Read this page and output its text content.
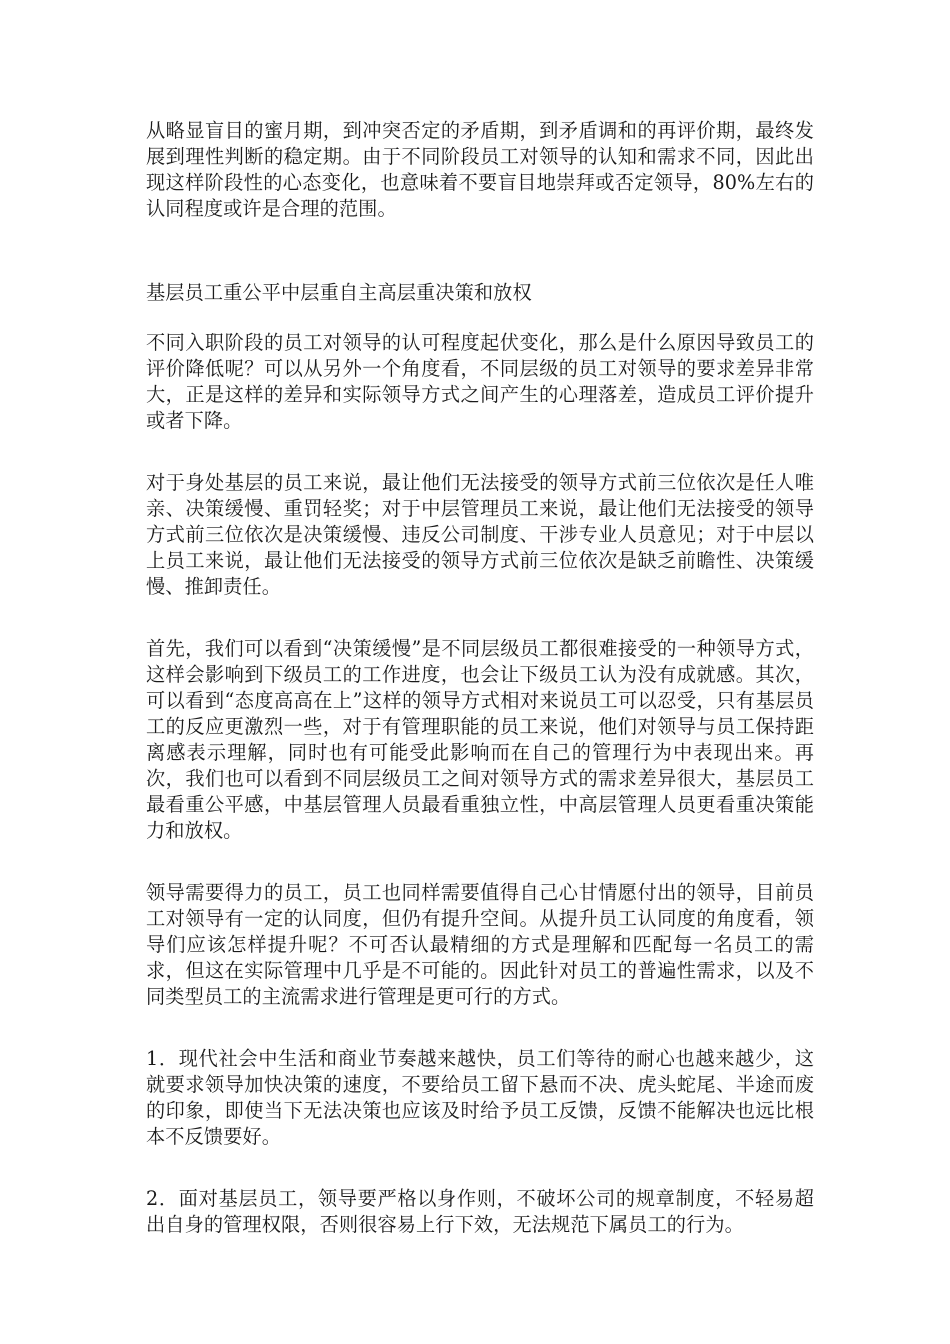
从略显盲目的蜜月期，到冲突否定的矛盾期，到矛盾调和的再评价期，最终发展到理性判断的稳定期。由于不同阶段员工对领导的认知和需求不同，因此出现这样阶段性的心态变化，也意味着不要盲目地崇拜或否定领导，80%左右的认同程度或许是合理的范围。

基层员工重公平中层重自主高层重决策和放权

不同入职阶段的员工对领导的认可程度起伏变化，那么是什么原因导致员工的评价降低呢？可以从另外一个角度看，不同层级的员工对领导的要求差异非常大，正是这样的差异和实际领导方式之间产生的心理落差，造成员工评价提升或者下降。

对于身处基层的员工来说，最让他们无法接受的领导方式前三位依次是任人唯亲、决策缓慢、重罚轻奖；对于中层管理员工来说，最让他们无法接受的领导方式前三位依次是决策缓慢、违反公司制度、干涉专业人员意见；对于中层以上员工来说，最让他们无法接受的领导方式前三位依次是缺乏前瞻性、决策缓慢、推卸责任。

首先，我们可以看到“决策缓慢”是不同层级员工都很难接受的一种领导方式，这样会影响到下级员工的工作进度，也会让下级员工认为没有成就感。其次，可以看到“态度高高在上”这样的领导方式相对来说员工可以忍受，只有基层员工的反应更激烈一些，对于有管理职能的员工来说，他们对领导与员工保持距离感表示理解，同时也有可能受此影响而在自己的管理行为中表现出来。再次，我们也可以看到不同层级员工之间对领导方式的需求差异很大，基层员工最看重公平感，中基层管理人员最看重独立性，中高层管理人员更看重决策能力和放权。

领导需要得力的员工，员工也同样需要值得自己心甘情愿付出的领导，目前员工对领导有一定的认同度，但仍有提升空间。从提升员工认同度的角度看，领导们应该怎样提升呢？不可否认最精细的方式是理解和匹配每一名员工的需求，但这在实际管理中几乎是不可能的。因此针对员工的普遍性需求，以及不同类型员工的主流需求进行管理是更可行的方式。

1．现代社会中生活和商业节奏越来越快，员工们等待的耐心也越来越少，这就要求领导加快决策的速度，不要给员工留下悬而不决、虎头蛇尾、半途而废的印象，即使当下无法决策也应该及时给予员工反馈，反馈不能解决也远比根本不反馈要好。

2．面对基层员工，领导要严格以身作则，不破坏公司的规章制度，不轻易超出自身的管理权限，否则很容易上行下效，无法规范下属员工的行为。
